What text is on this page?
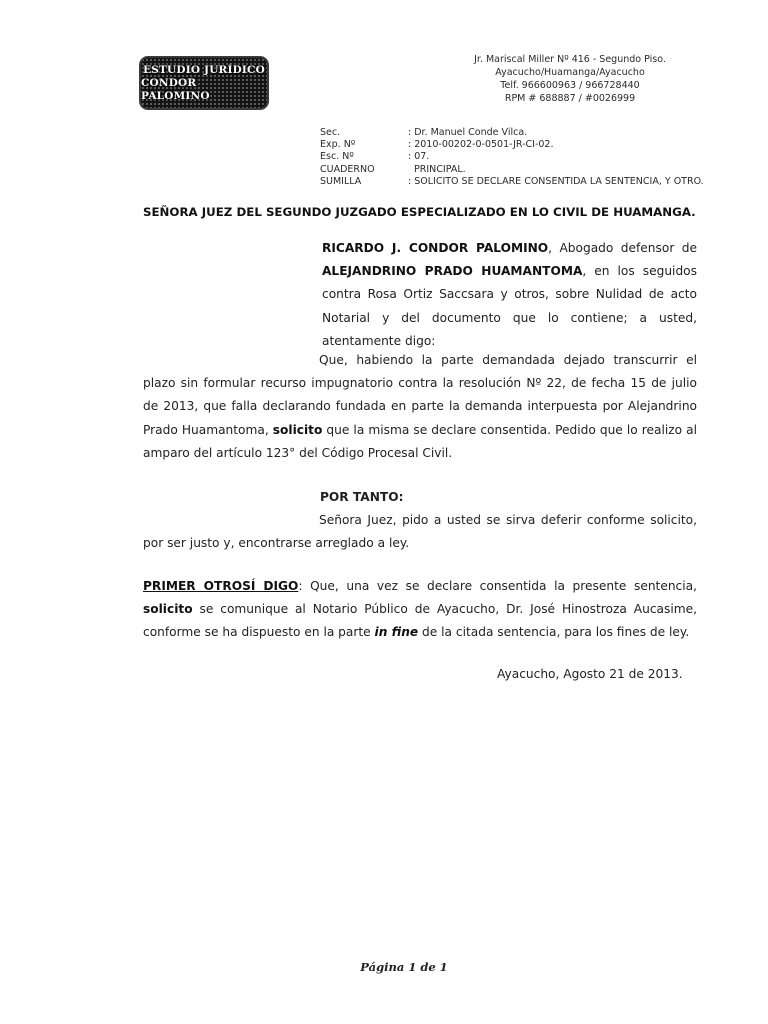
ESTUDIO JURÍDICO
CONDOR PALOMINO
Jr. Mariscal Miller Nº 416 - Segundo Piso.
Ayacucho/Huamanga/Ayacucho
Telf. 966600963 / 966728440
RPM # 688887 / #0026999
Sec.	: Dr. Manuel Conde Vilca.
Exp. Nº	: 2010-00202-0-0501-JR-CI-02.
Esc. Nº	: 07.
CUADERNO	PRINCIPAL.
SUMILLA	: SOLICITO SE DECLARE CONSENTIDA LA SENTENCIA, Y OTRO.
SEÑORA JUEZ DEL SEGUNDO JUZGADO ESPECIALIZADO EN LO CIVIL DE HUAMANGA.
RICARDO J. CONDOR PALOMINO, Abogado defensor de ALEJANDRINO PRADO HUAMANTOMA, en los seguidos contra Rosa Ortiz Saccsara y otros, sobre Nulidad de acto Notarial y del documento que lo contiene; a usted, atentamente digo:
Que, habiendo la parte demandada dejado transcurrir el plazo sin formular recurso impugnatorio contra la resolución Nº 22, de fecha 15 de julio de 2013, que falla declarando fundada en parte la demanda interpuesta por Alejandrino Prado Huamantoma, solicito que la misma se declare consentida. Pedido que lo realizo al amparo del artículo 123° del Código Procesal Civil.
POR TANTO:
Señora Juez, pido a usted se sirva deferir conforme solicito, por ser justo y, encontrarse arreglado a ley.
PRIMER OTROSÍ DIGO: Que, una vez se declare consentida la presente sentencia, solicito se comunique al Notario Público de Ayacucho, Dr. José Hinostroza Aucasime, conforme se ha dispuesto en la parte in fine de la citada sentencia, para los fines de ley.
Ayacucho, Agosto 21 de 2013.
Página 1 de 1
